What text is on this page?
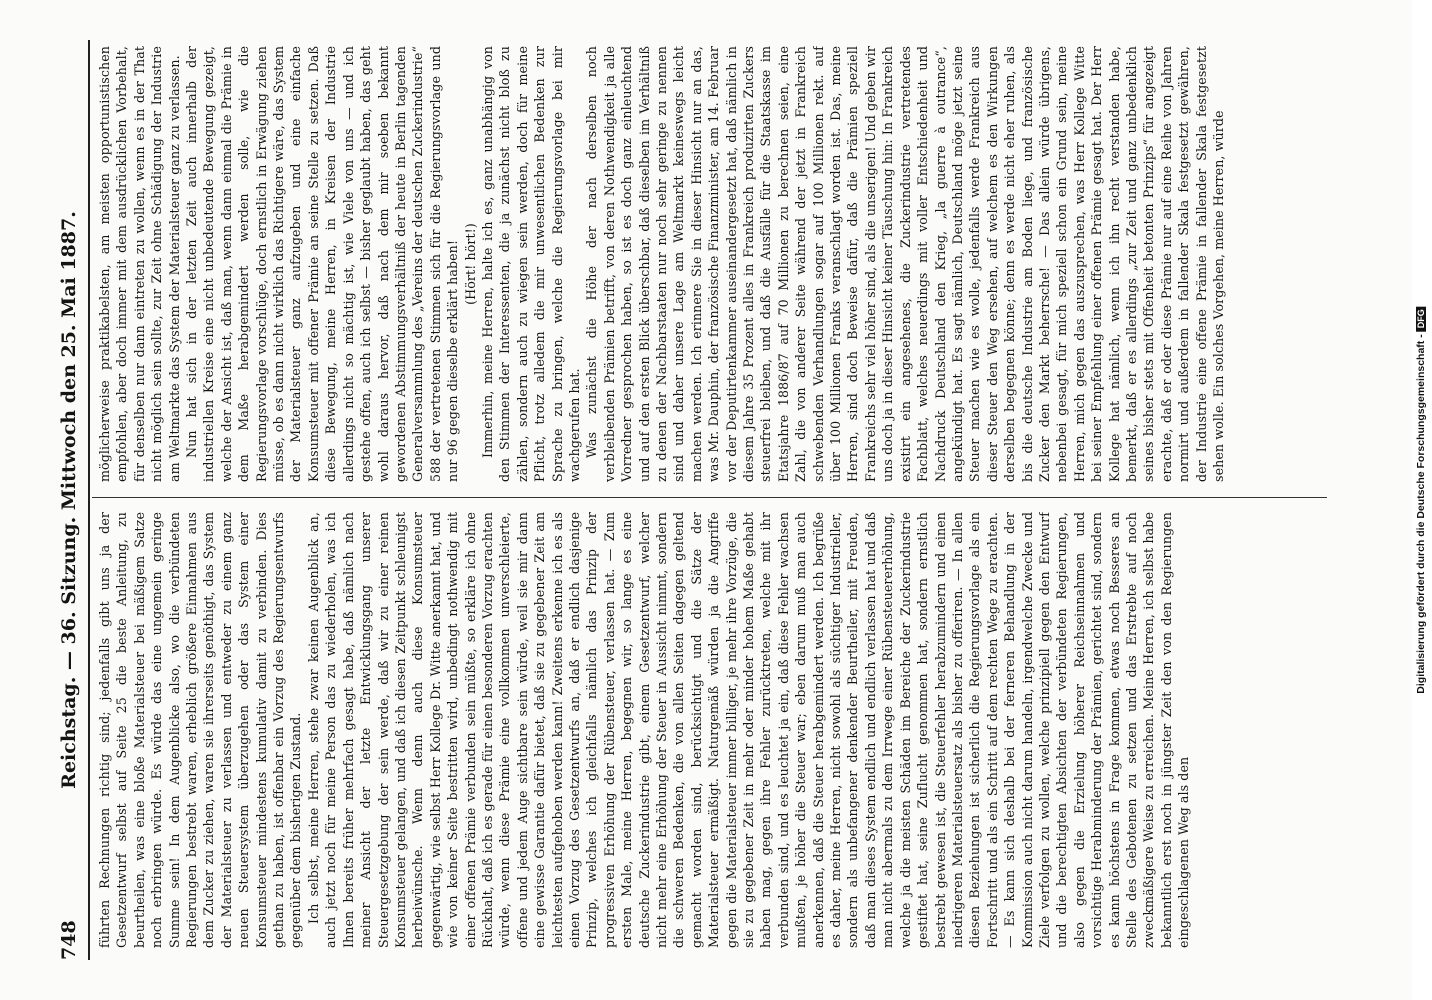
748
Reichstag. — 36. Sitzung. Mittwoch den 25. Mai 1887. führten Rechnungen richtig sind; jedenfalls gibt uns ja der Gesetzentwurf selbst auf Seite 25 die beste Anleitung, zu beurtheilen, was eine bloße Materialsteuer bei mäßigem Satze noch erbringen würde. Es würde das eine ungemein geringe Summe sein! In dem Augenblicke also, wo die verbündeten Regierungen bestrebt waren, erheblich größere Einnahmen aus dem Zucker zu ziehen, waren sie ihrerseits genöthigt, das System der Materialsteuer zu verlassen und entweder zu einem ganz neuen Steuersystem überzugehen oder das System einer Konsumsteuer mindestens kumulativ damit zu verbinden. Dies gethan zu haben, ist offenbar ein Vorzug des Regierungsentwurfs gegenüber dem bisherigen Zustand. Ich selbst, meine Herren, stehe zwar keinen Augenblick an, auch jetzt noch für meine Person das zu wiederholen, was ich Ihnen bereits früher mehrfach gesagt habe, daß nämlich nach meiner Ansicht der letzte Entwicklungsgang unserer Steuergesetzgebung der sein werde, daß wir zu einer reinen Konsumsteuer gelangen, und daß ich diesen Zeitpunkt schleunigst herbeiwünsche. Wenn denn auch diese Konsumsteuer gegenwärtig, wie selbst Herr Kollege Dr. Witte anerkannt hat, und wie von keiner Seite bestritten wird, unbedingt nothwendig mit einer offenen Prämie verbunden sein müßte, so erkläre ich ohne Rückhalt, daß ich es gerade für einen besonderen Vorzug erachten würde, wenn diese Prämie eine vollkommen unverschleierte, offene und jedem Auge sichtbare sein würde, weil sie mir dann eine gewisse Garantie dafür bietet, daß sie zu gegebener Zeit am leichtesten aufgehoben werden kann! Zweitens erkenne ich es als einen Vorzug des Gesetzentwurfs an, daß er endlich dasjenige Prinzip, welches ich gleichfalls nämlich das Prinzip der progressiven Erhöhung der Rübensteuer, verlassen hat. — Zum ersten Male, meine Herren, begegnen wir, so lange es eine deutsche Zuckerindustrie gibt, einem Gesetzentwurf, welcher nicht mehr eine Erhöhung der Steuer in Aussicht nimmt, sondern die schweren Bedenken, die von allen Seiten dagegen geltend gemacht worden sind, berücksichtigt und die Sätze der Materialsteuer ermäßigt. Naturgemäß würden ja die Angriffe gegen die Materialsteuer immer billiger, je mehr ihre Vorzüge, die sie zu gegebener Zeit in mehr oder minder hohem Maße gehabt haben mag, gegen ihre Fehler zurücktreten, welche mit ihr verbunden sind, und es leuchtet ja ein, daß diese Fehler wachsen mußten, je höher die Steuer war; eben darum muß man auch anerkennen, daß die Steuer herabgemindert werden. Ich begrüße es daher, meine Herren, nicht sowohl als süchtiger Industrieller, sondern als unbefangener denkender Beurtheiler, mit Freuden, daß man dieses System endlich und endlich verlassen hat und daß man nicht abermals zu dem Irrwege einer Rübensteuererhöhung, welche ja die meisten Schäden im Bereiche der Zuckerindustrie gestiftet hat, seine Zuflucht genommen hat, sondern ernstlich bestrebt gewesen ist, die Steuerfehler herabzumindern und einen niedrigeren Materialsteuersatz als bisher zu offeriren. — In allen diesen Beziehungen ist sicherlich die Regierungsvorlage als ein Fortschritt und als ein Schritt auf dem rechten Wege zu erachten. — Es kann sich deshalb bei der ferneren Behandlung in der Kommission auch nicht darum handeln, irgendwelche Zwecke und Ziele verfolgen zu wollen, welche prinzipiell gegen den Entwurf und die berechtigten Absichten der verbündeten Regierungen, also gegen die Erzielung höherer Reichseinnahmen und vorsichtige Herabminderung der Prämien, gerichtet sind, sondern es kann höchstens in Frage kommen, etwas noch Besseres an Stelle des Gebotenen zu setzen und das Erstrebte auf noch zweckmäßigere Weise zu erreichen. Meine Herren, ich selbst habe bekanntlich erst noch in jüngster Zeit den von den Regierungen eingeschlagenen Weg als den

möglicherweise praktikabelsten, am meisten opportunistischen empfohlen, aber doch immer mit dem ausdrücklichen Vorbehalt, für denselben nur dann eintreten zu wollen, wenn es in der That nicht möglich sein sollte, zur Zeit ohne Schädigung der Industrie am Weltmarkte das System der Materialsteuer ganz zu verlassen. Nun hat sich in der letzten Zeit auch innerhalb der industriellen Kreise eine nicht unbedeutende Bewegung gezeigt, welche der Ansicht ist, daß man, wenn dann einmal die Prämie in dem Maße herabgemindert werden solle, wie die Regierungsvorlage vorschlüge, doch ernstlich in Erwägung ziehen müsse, ob es dann nicht wirklich das Richtigere wäre, das System der Materialsteuer ganz aufzugeben und eine einfache Konsumsteuer mit offener Prämie an seine Stelle zu setzen. Daß diese Bewegung, meine Herren, in Kreisen der Industrie allerdings nicht so mächtig ist, wie Viele von uns — und ich gestehe offen, auch ich selbst — bisher geglaubt haben, das geht wohl daraus hervor, daß nach dem mir soeben bekannt gewordenen Abstimmungsverhältniß der heute in Berlin tagenden Generalversammlung des „Vereins der deutschen Zuckerindustrie“ 588 der vertretenen Stimmen sich für die Regierungsvorlage und nur 96 gegen dieselbe erklärt haben! (Hört! hört!) Immerhin, meine Herren, halte ich es, ganz unabhängig von den Stimmen der Interessenten, die ja zunächst nicht bloß zu zählen, sondern auch zu wiegen sein werden, doch für meine Pflicht, trotz alledem die mir unwesentlichen Bedenken zur Sprache zu bringen, welche die Regierungsvorlage bei mir wachgerufen hat. Was zunächst die Höhe der nach derselben noch verbleibenden Prämien betrifft, von deren Nothwendigkeit ja alle Vorredner gesprochen haben, so ist es doch ganz einleuchtend und auf den ersten Blick überschbar, daß dieselben im Verhältniß zu denen der Nachbarstaaten nur noch sehr geringe zu nennen sind und daher unsere Lage am Weltmarkt keineswegs leicht machen werden. Ich erinnere Sie in dieser Hinsicht nur an das, was Mr. Dauphin, der französische Finanzminister, am 14. Februar vor der Deputirtenkammer auseinandergesetzt hat, daß nämlich in diesem Jahre 35 Prozent alles in Frankreich produzirten Zuckers steuerfrei bleiben, und daß die Ausfälle für die Staatskasse im Etatsjahre 1886/87 auf 70 Millionen zu berechnen seien, eine Zahl, die von anderer Seite während der jetzt in Frankreich schwebenden Verhandlungen sogar auf 100 Millionen rekt. auf über 100 Millionen Franks veranschlagt worden ist. Das, meine Herren, sind doch Beweise dafür, daß die Prämien speziell Frankreichs sehr viel höher sind, als die unserigen! Und geben wir uns doch ja in dieser Hinsicht keiner Täuschung hin: In Frankreich existirt ein angesehenes, die Zuckerindustrie vertretendes Fachblatt, welches neuerdings mit voller Entschiedenheit und Nachdruck Deutschland den Krieg, „la guerre à outrance“, angekündigt hat. Es sagt nämlich, Deutschland möge jetzt seine Steuer machen wie es wolle, jedenfalls werde Frankreich aus dieser Steuer den Weg ersehen, auf welchem es den Wirkungen derselben begegnen könne; denn es werde nicht eher ruhen, als bis die deutsche Industrie am Boden liege, und französische Zucker den Markt beherrsche! — Das allein würde übrigens, nebenbei gesagt, für mich speziell schon ein Grund sein, meine Herren, mich gegen das auszusprechen, was Herr Kollege Witte bei seiner Empfehlung einer offenen Prämie gesagt hat. Der Herr Kollege hat nämlich, wenn ich ihn recht verstanden habe, bemerkt, daß er es allerdings „zur Zeit und ganz unbedenklich seines bisher stets mit Offenheit betonten Prinzips“ für angezeigt erachte, daß er oder diese Prämie nur auf eine Reihe von Jahren normirt und außerdem in fallender Skala festgesetzt gewähren, der Industrie eine offene Prämie in fallender Skala festgesetzt sehen wolle. Ein solches Vorgehen, meine Herren, würde

Digitalisierung gefördert durch die Deutsche Forschungsgemeinschaft -DFG
